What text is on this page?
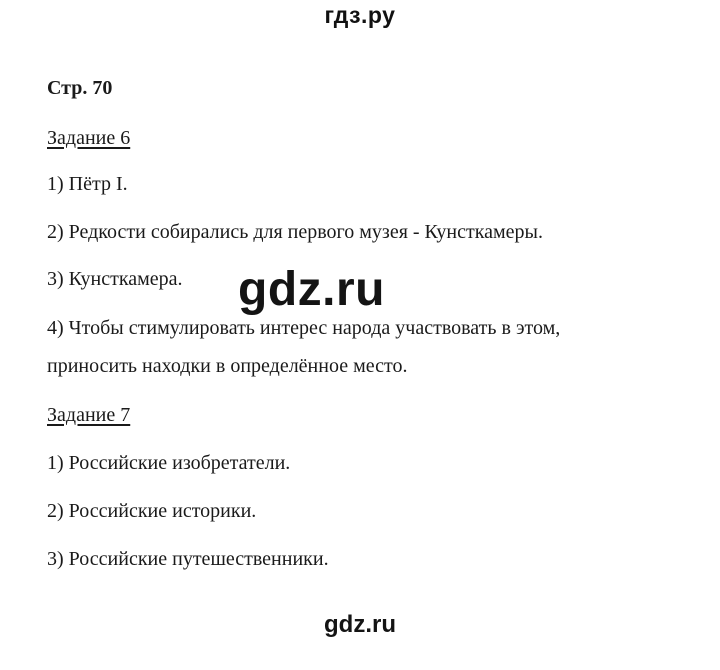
гдз.ру
Стр. 70
Задание 6
1) Пётр I.
2) Редкости собирались для первого музея - Кунсткамеры.
3) Кунсткамера.
4) Чтобы стимулировать интерес народа участвовать в этом,
приносить находки в определённое место.
Задание 7
1) Российские изобретатели.
2) Российские историки.
3) Российские путешественники.
gdz.ru
gdz.ru
